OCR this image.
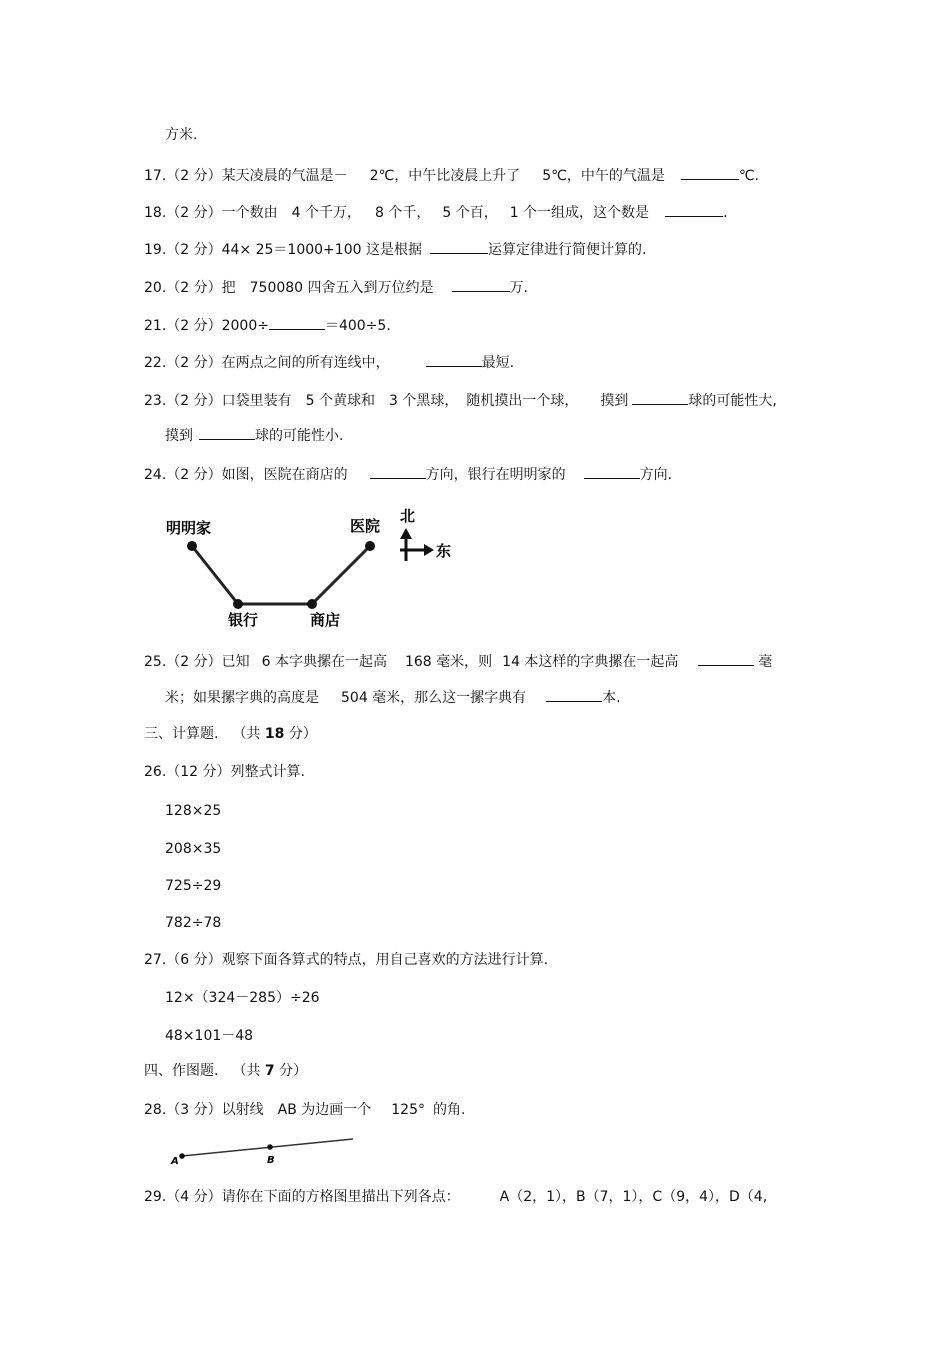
方米.
17.（2 分）某天凌晨的气温是－ 2℃，中午比凌晨上升了 5℃，中午的气温是	℃.
18.（2 分）一个数由 4 个千万， 8 个千， 5 个百， 1 个一组成，这个数是	.
19.（2 分）44× 25＝1000+100 这是根据	运算定律进行简便计算的.
20.（2 分）把 750080 四舍五入到万位约是	万.
21.（2 分）2000÷	＝400÷5.
22.（2 分）在两点之间的所有连线中，	最短.
23.（2 分）口袋里装有 5 个黄球和 3 个黑球， 随机摸出一个球， 摸到	球的可能性大,
摸到	球的可能性小.
24.（2 分）如图，医院在商店的	方向，银行在明明家的	方向.
明明家	医院
银行	商店
北
东
25.（2 分）已知 6 本字典摞在一起高 168 毫米，则 14 本这样的字典摞在一起高	毫
米；如果摞字典的高度是 504 毫米，那么这一摞字典有	本.
三、计算题. （共 18 分）
26.（12 分）列整式计算.
128×25
208×35
725÷29
782÷78
27.（6 分）观察下面各算式的特点，用自己喜欢的方法进行计算.
12×（324－285）÷26
48×101－48
四、作图题. （共 7 分）
28.（3 分）以射线 AB 为边画一个 125° 的角.
A	B
29.（4 分）请你在下面的方格图里描出下列各点：	A（2，1），B（7，1），C（9，4），D（4,
